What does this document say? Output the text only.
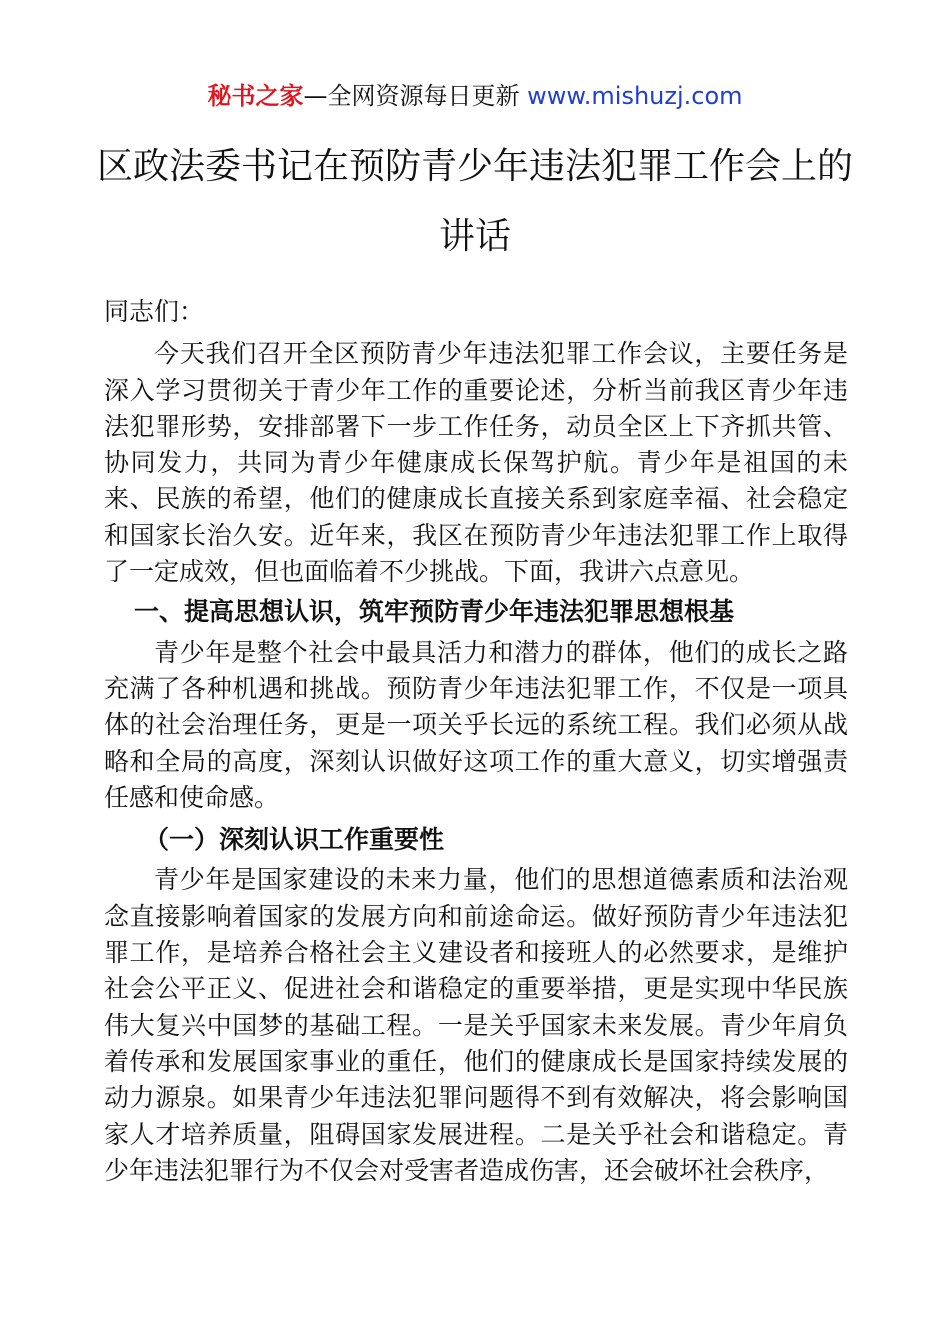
秘书之家—全网资源每日更新 www.mishuzj.com
区政法委书记在预防青少年违法犯罪工作会上的讲话

同志们：

今天我们召开全区预防青少年违法犯罪工作会议，主要任务是深入学习贯彻关于青少年工作的重要论述，分析当前我区青少年违法犯罪形势，安排部署下一步工作任务，动员全区上下齐抓共管、协同发力，共同为青少年健康成长保驾护航。青少年是祖国的未来、民族的希望，他们的健康成长直接关系到家庭幸福、社会稳定和国家长治久安。近年来，我区在预防青少年违法犯罪工作上取得了一定成效，但也面临着不少挑战。下面，我讲六点意见。

一、提高思想认识，筑牢预防青少年违法犯罪思想根基

青少年是整个社会中最具活力和潜力的群体，他们的成长之路充满了各种机遇和挑战。预防青少年违法犯罪工作，不仅是一项具体的社会治理任务，更是一项关乎长远的系统工程。我们必须从战略和全局的高度，深刻认识做好这项工作的重大意义，切实增强责任感和使命感。

（一）深刻认识工作重要性

青少年是国家建设的未来力量，他们的思想道德素质和法治观念直接影响着国家的发展方向和前途命运。做好预防青少年违法犯罪工作，是培养合格社会主义建设者和接班人的必然要求，是维护社会公平正义、促进社会和谐稳定的重要举措，更是实现中华民族伟大复兴中国梦的基础工程。一是关乎国家未来发展。青少年肩负着传承和发展国家事业的重任，他们的健康成长是国家持续发展的动力源泉。如果青少年违法犯罪问题得不到有效解决，将会影响国家人才培养质量，阻碍国家发展进程。二是关乎社会和谐稳定。青少年违法犯罪行为不仅会对受害者造成伤害，还会破坏社会秩序，
